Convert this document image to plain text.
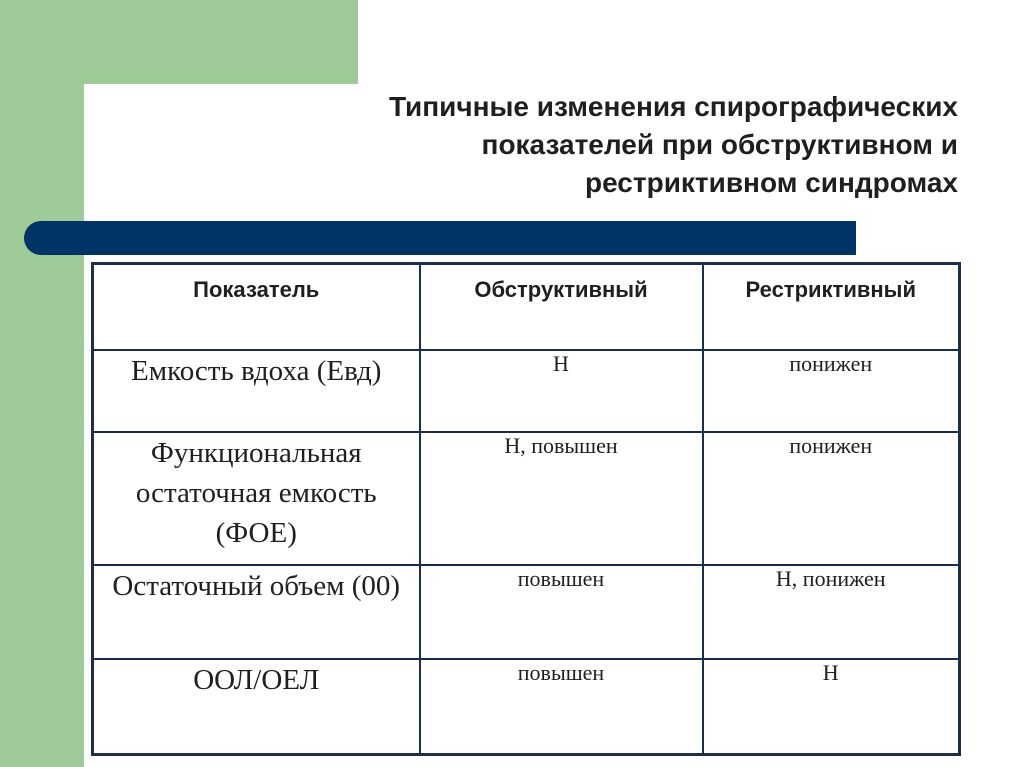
Типичные изменения спирографических
показателей при обструктивном и
рестриктивном синдромах
Показатель	Обструктивный	Рестриктивный
Емкость вдоха (Евд)	Н	понижен
Функциональная остаточная емкость (ФОЕ)	Н, повышен	понижен
Остаточный объем (00)	повышен	Н, понижен
ООЛ/ОЕЛ	повышен	Н
